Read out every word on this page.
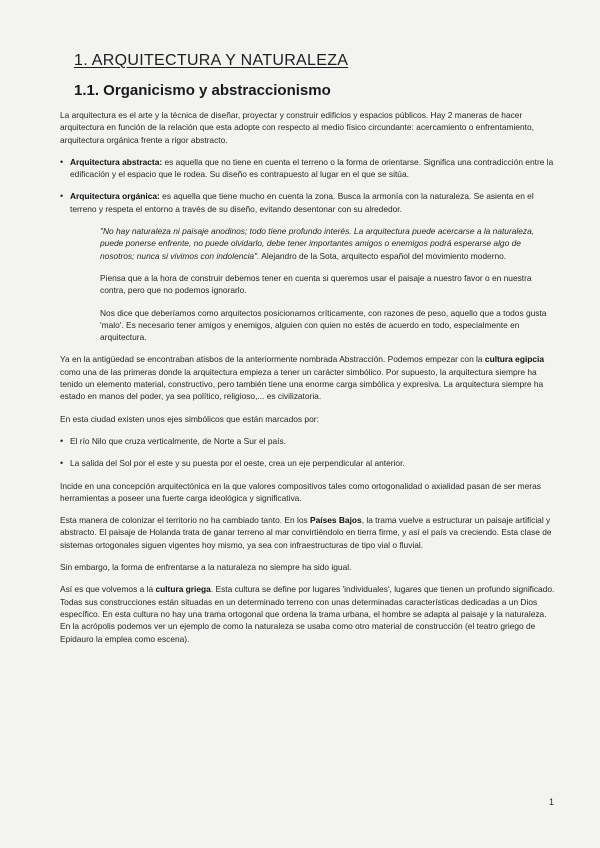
1. ARQUITECTURA Y NATURALEZA
1.1. Organicismo y abstraccionismo

La arquitectura es el arte y la técnica de diseñar, proyectar y construir edificios y espacios públicos. Hay 2 maneras de hacer arquitectura en función de la relación que esta adopte con respecto al medio físico circundante: acercamiento o enfrentamiento, arquitectura orgánica frente a rigor abstracto.

• Arquitectura abstracta: es aquella que no tiene en cuenta el terreno o la forma de orientarse. Significa una contradicción entre la edificación y el espacio que le rodea. Su diseño es contrapuesto al lugar en el que se sitúa.

• Arquitectura orgánica: es aquella que tiene mucho en cuenta la zona. Busca la armonía con la naturaleza. Se asienta en el terreno y respeta el entorno a través de su diseño, evitando desentonar con su alrededor.

"No hay naturaleza ni paisaje anodinos; todo tiene profundo interés. La arquitectura puede acercarse a la naturaleza, puede ponerse enfrente, no puede olvidarlo, debe tener importantes amigos o enemigos podrá esperarse algo de nosotros; nunca si vivimos con indolencia". Alejandro de la Sota, arquitecto español del movimiento moderno.

Piensa que a la hora de construir debemos tener en cuenta si queremos usar el paisaje a nuestro favor o en nuestra contra, pero que no podemos ignorarlo.

Nos dice que deberíamos como arquitectos posicionarnos críticamente, con razones de peso, aquello que a todos gusta 'malo'. Es necesario tener amigos y enemigos, alguien con quien no estés de acuerdo en todo, especialmente en arquitectura.

Ya en la antigüedad se encontraban atisbos de la anteriormente nombrada Abstracción. Podemos empezar con la cultura egipcia como una de las primeras donde la arquitectura empieza a tener un carácter simbólico. Por supuesto, la arquitectura siempre ha tenido un elemento material, constructivo, pero también tiene una enorme carga simbólica y expresiva. La arquitectura siempre ha estado en manos del poder, ya sea político, religioso,... es civilizatoria.

En esta ciudad existen unos ejes simbólicos que están marcados por:

• El río Nilo que cruza verticalmente, de Norte a Sur el país.

• La salida del Sol por el este y su puesta por el oeste, crea un eje perpendicular al anterior.

Incide en una concepción arquitectónica en la que valores compositivos tales como ortogonalidad o axialidad pasan de ser meras herramientas a poseer una fuerte carga ideológica y significativa.

Esta manera de colonizar el territorio no ha cambiado tanto. En los Países Bajos, la trama vuelve a estructurar un paisaje artificial y abstracto. El paisaje de Holanda trata de ganar terreno al mar convirtiéndolo en tierra firme, y así el país va creciendo. Esta clase de sistemas ortogonales siguen vigentes hoy mismo, ya sea con infraestructuras de tipo vial o fluvial.

Sin embargo, la forma de enfrentarse a la naturaleza no siempre ha sido igual.

Así es que volvemos a la cultura griega. Esta cultura se define por lugares 'individuales', lugares que tienen un profundo significado. Todas sus construcciones están situadas en un determinado terreno con unas determinadas características dedicadas a un Dios específico. En esta cultura no hay una trama ortogonal que ordena la trama urbana, el hombre se adapta al paisaje y la naturaleza. En la acrópolis podemos ver un ejemplo de como la naturaleza se usaba como otro material de construcción (el teatro griego de Epidauro la emplea como escena).

1
